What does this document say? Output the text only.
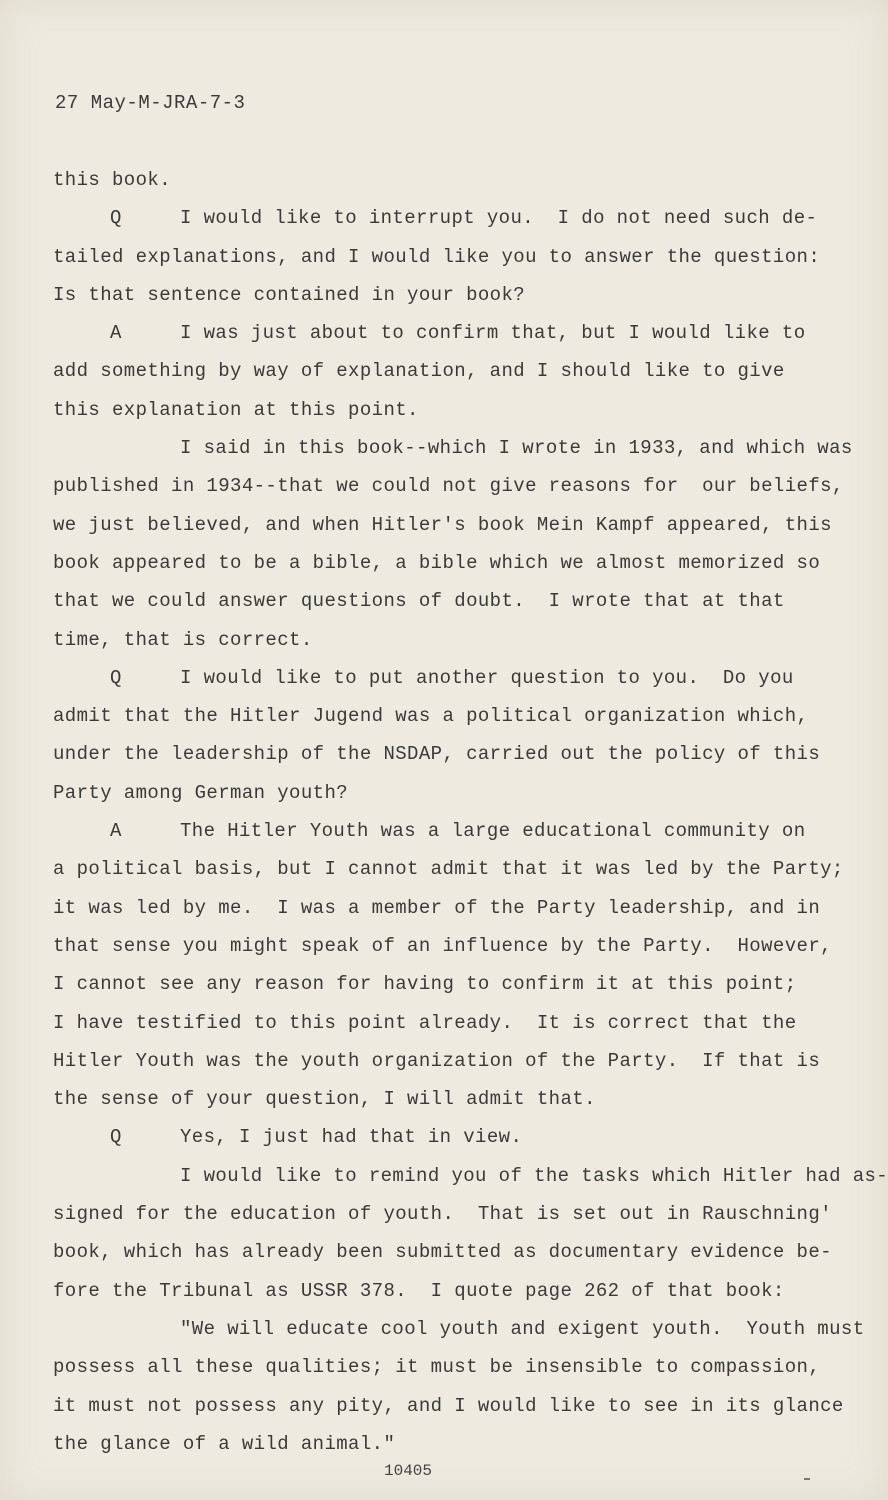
27 May-M-JRA-7-3
this book.
Q	I would like to interrupt you.  I do not need such de-
tailed explanations, and I would like you to answer the question:
Is that sentence contained in your book?
A	I was just about to confirm that, but I would like to
add something by way of explanation, and I should like to give
this explanation at this point.
I said in this book--which I wrote in 1933, and which was
published in 1934--that we could not give reasons for  our beliefs,
we just believed, and when Hitler's book Mein Kampf appeared, this
book appeared to be a bible, a bible which we almost memorized so
that we could answer questions of doubt.  I wrote that at that
time, that is correct.
Q	I would like to put another question to you.  Do you
admit that the Hitler Jugend was a political organization which,
under the leadership of the NSDAP, carried out the policy of this
Party among German youth?
A	The Hitler Youth was a large educational community on
a political basis, but I cannot admit that it was led by the Party;
it was led by me.  I was a member of the Party leadership, and in
that sense you might speak of an influence by the Party.  However,
I cannot see any reason for having to confirm it at this point;
I have testified to this point already.  It is correct that the
Hitler Youth was the youth organization of the Party.  If that is
the sense of your question, I will admit that.
Q	Yes, I just had that in view.
I would like to remind you of the tasks which Hitler had as-
signed for the education of youth.  That is set out in Rauschning'
book, which has already been submitted as documentary evidence be-
fore the Tribunal as USSR 378.  I quote page 262 of that book:
"We will educate cool youth and exigent youth.  Youth must
possess all these qualities; it must be insensible to compassion,
it must not possess any pity, and I would like to see in its glance
the glance of a wild animal."
10405
